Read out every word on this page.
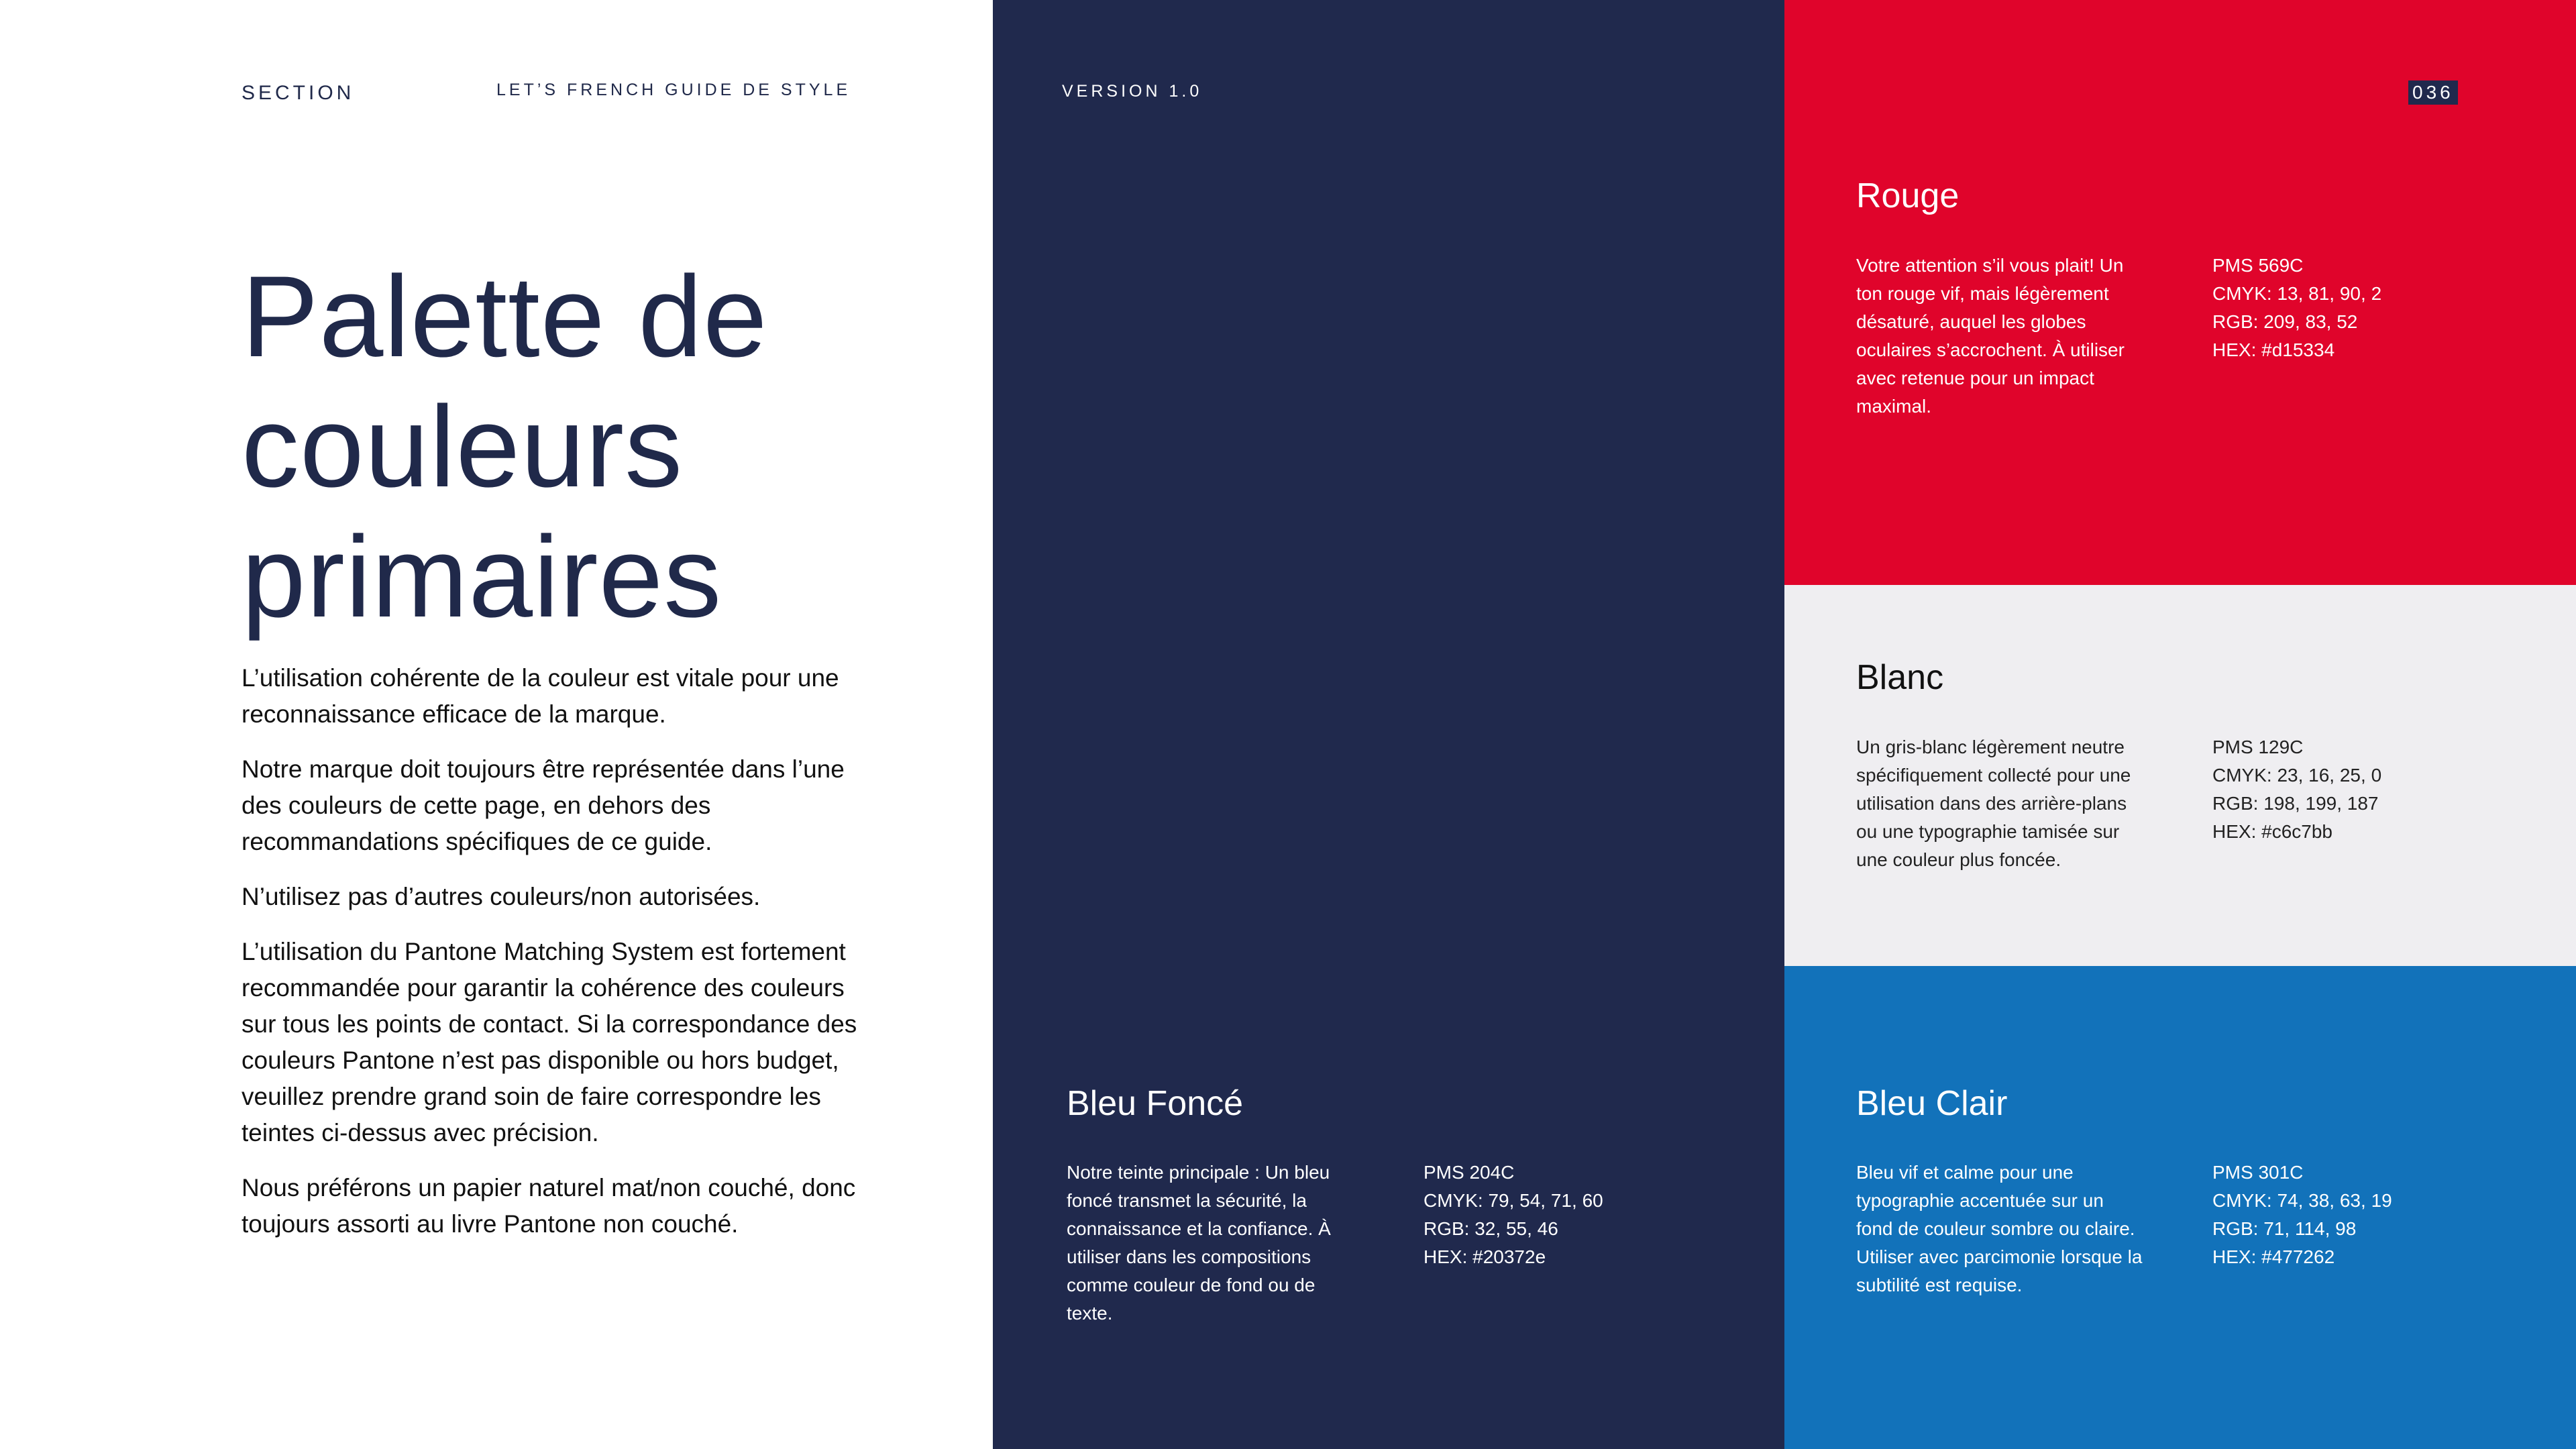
SECTION	LET’S FRENCH GUIDE DE STYLE
Palette de couleurs primaires

L’utilisation cohérente de la couleur est vitale pour une reconnaissance efficace de la marque.

Notre marque doit toujours être représentée dans l’une des couleurs de cette page, en dehors des recommandations spécifiques de ce guide.

N’utilisez pas d’autres couleurs/non autorisées.

L’utilisation du Pantone Matching System est fortement recommandée pour garantir la cohérence des couleurs sur tous les points de contact. Si la correspondance des couleurs Pantone n’est pas disponible ou hors budget, veuillez prendre grand soin de faire correspondre les teintes ci-dessus avec précision.

Nous préférons un papier naturel mat/non couché, donc toujours assorti au livre Pantone non couché.

VERSION 1.0
Bleu Foncé
Notre teinte principale : Un bleu foncé transmet la sécurité, la connaissance et la confiance. À utiliser dans les compositions comme couleur de fond ou de texte.
PMS 204C
CMYK: 79, 54, 71, 60
RGB: 32, 55, 46
HEX: #20372e
036
Rouge
Votre attention s’il vous plait! Un ton rouge vif, mais légèrement désaturé, auquel les globes oculaires s’accrochent. À utiliser avec retenue pour un impact maximal.
PMS 569C
CMYK: 13, 81, 90, 2
RGB: 209, 83, 52
HEX: #d15334
Blanc
Un gris-blanc légèrement neutre spécifiquement collecté pour une utilisation dans des arrière-plans ou une typographie tamisée sur une couleur plus foncée.
PMS 129C
CMYK: 23, 16, 25, 0
RGB: 198, 199, 187
HEX: #c6c7bb
Bleu Clair
Bleu vif et calme pour une typographie accentuée sur un fond de couleur sombre ou claire. Utiliser avec parcimonie lorsque la subtilité est requise.
PMS 301C
CMYK: 74, 38, 63, 19
RGB: 71, 114, 98
HEX: #477262
